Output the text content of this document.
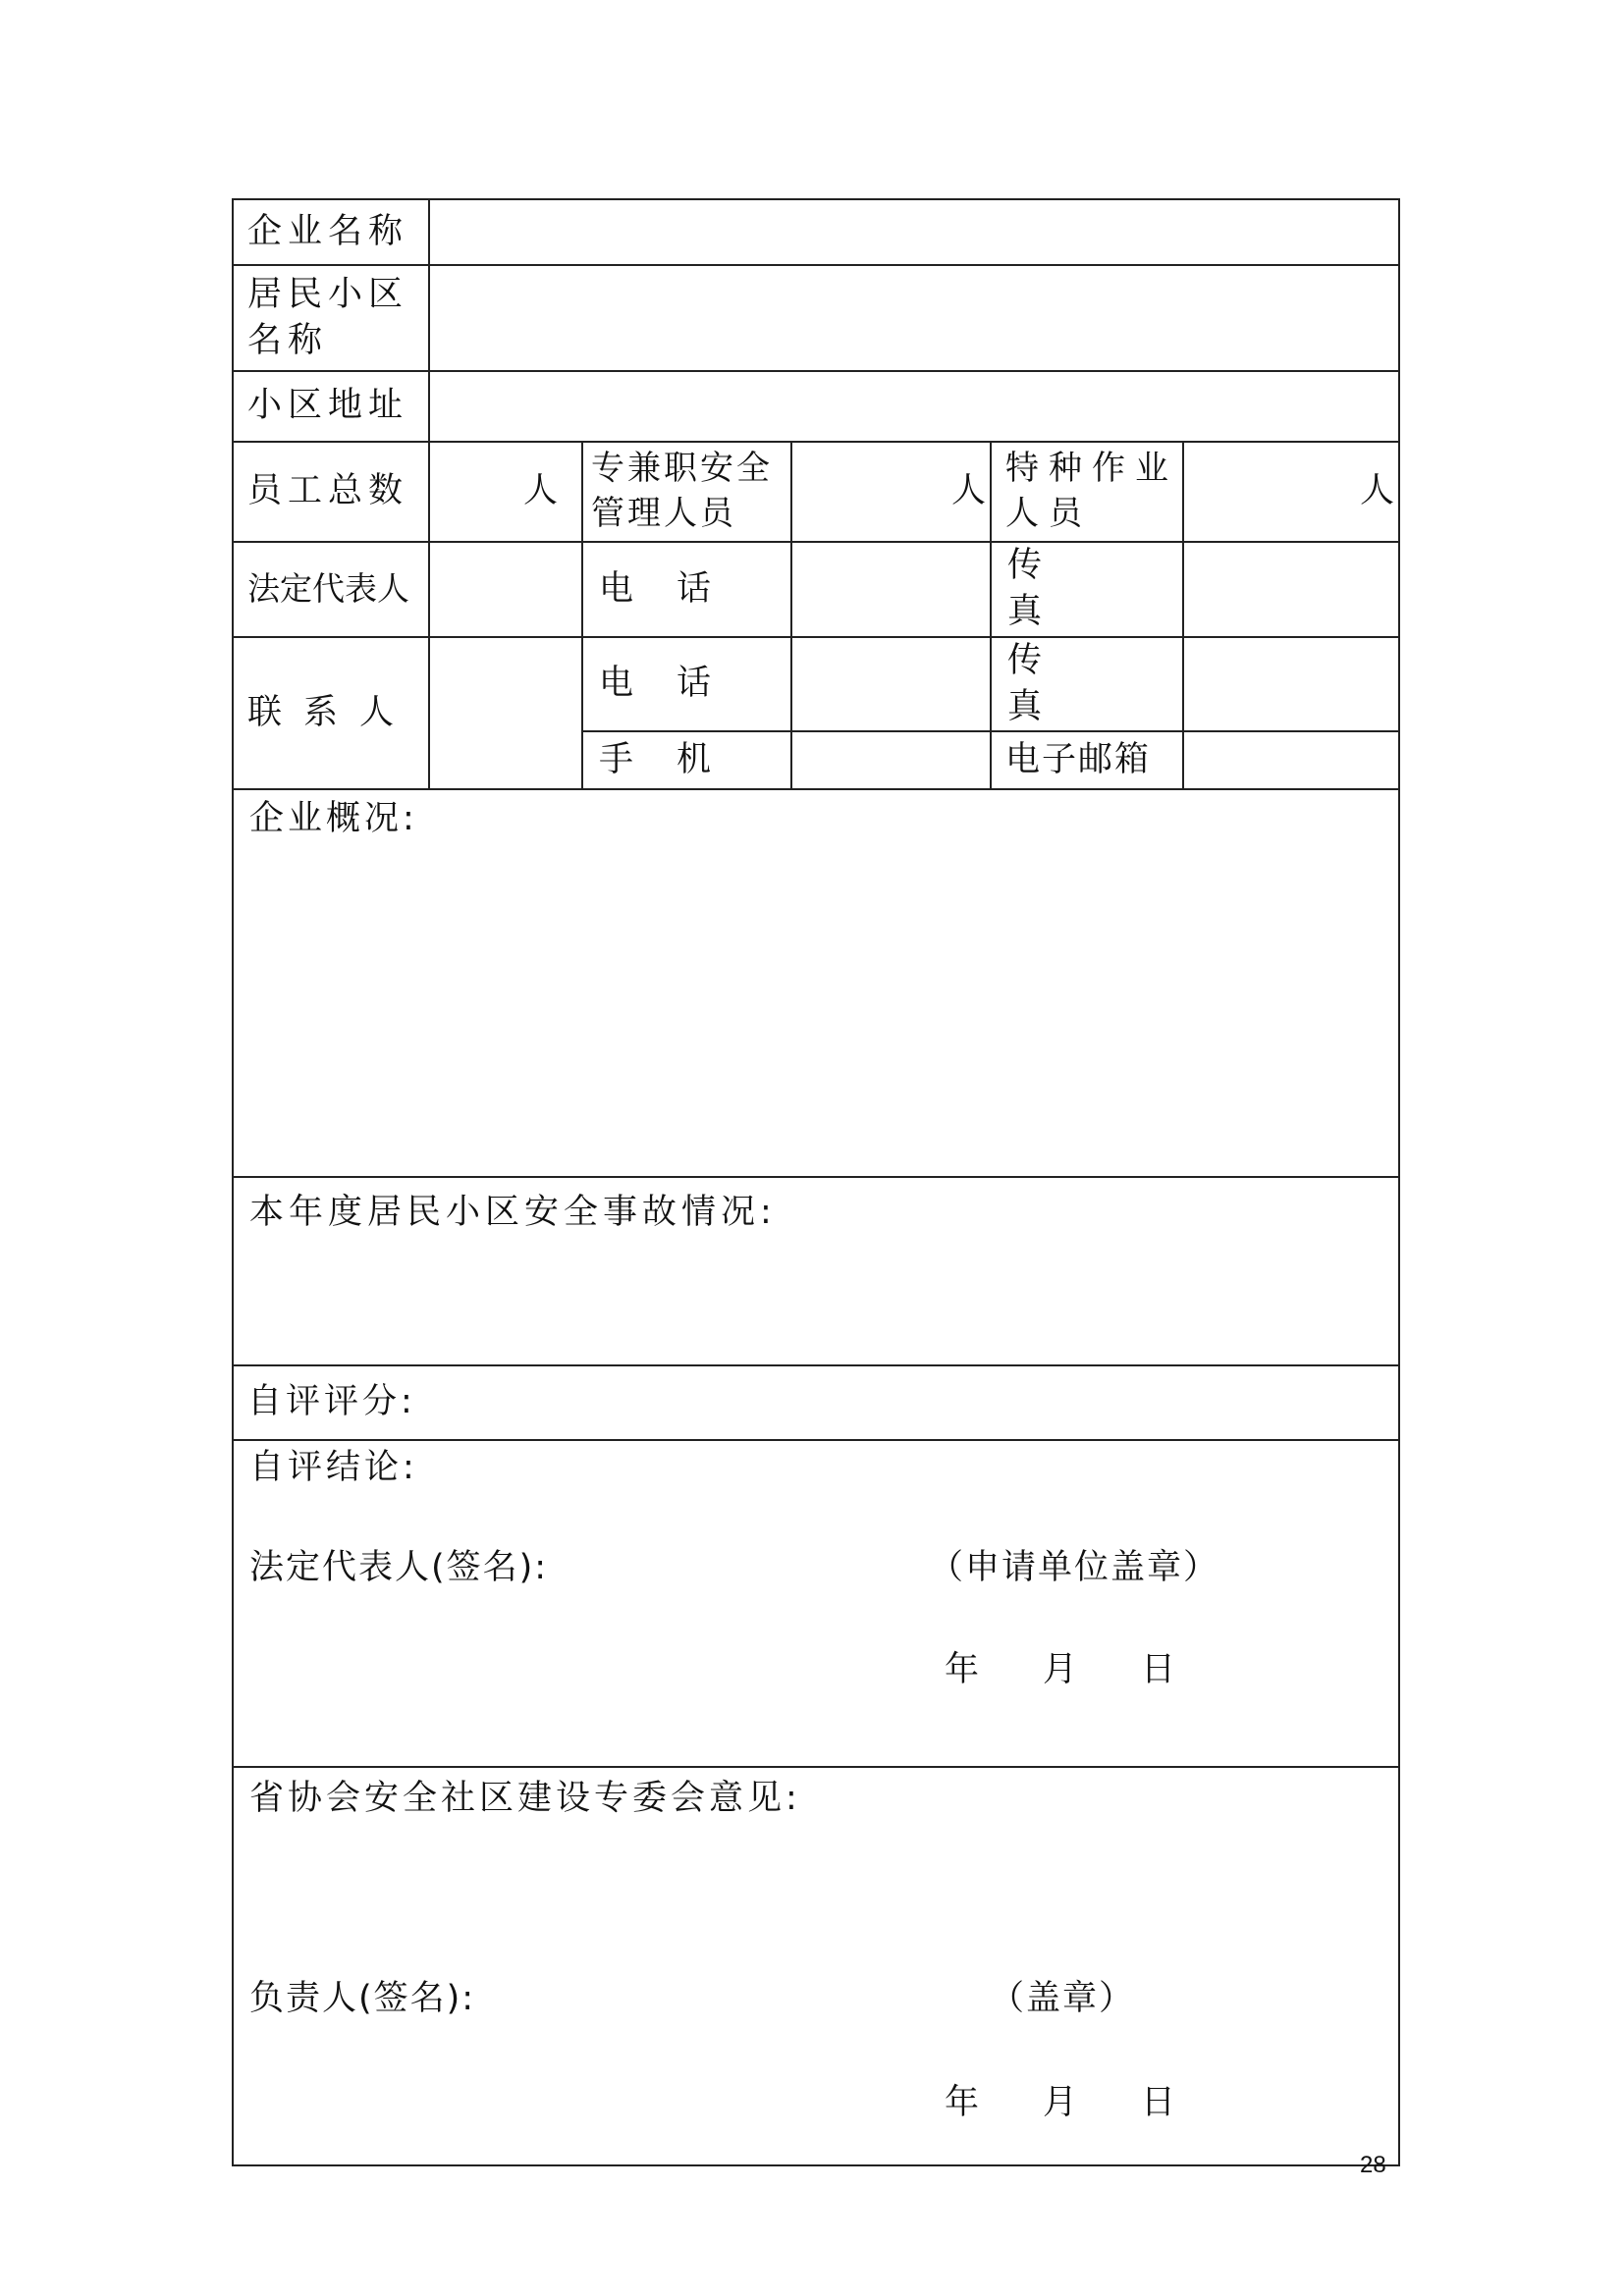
企业名称					
居民小区名称					
小区地址					
员工总数	人	专兼职安全管理人员	人	特种作业人员	人
法定代表人		电话		传真	

联系人		电话		传真	

		手机		电子邮箱	

企业概况:					

本年度居民小区安全事故情况:					

自评评分:					

自评结论:
法定代表人(签名): （申请单位盖章）
年 月 日					

省协会安全社区建设专委会意见:
负责人(签名): （盖章）
年 月 日					
28
